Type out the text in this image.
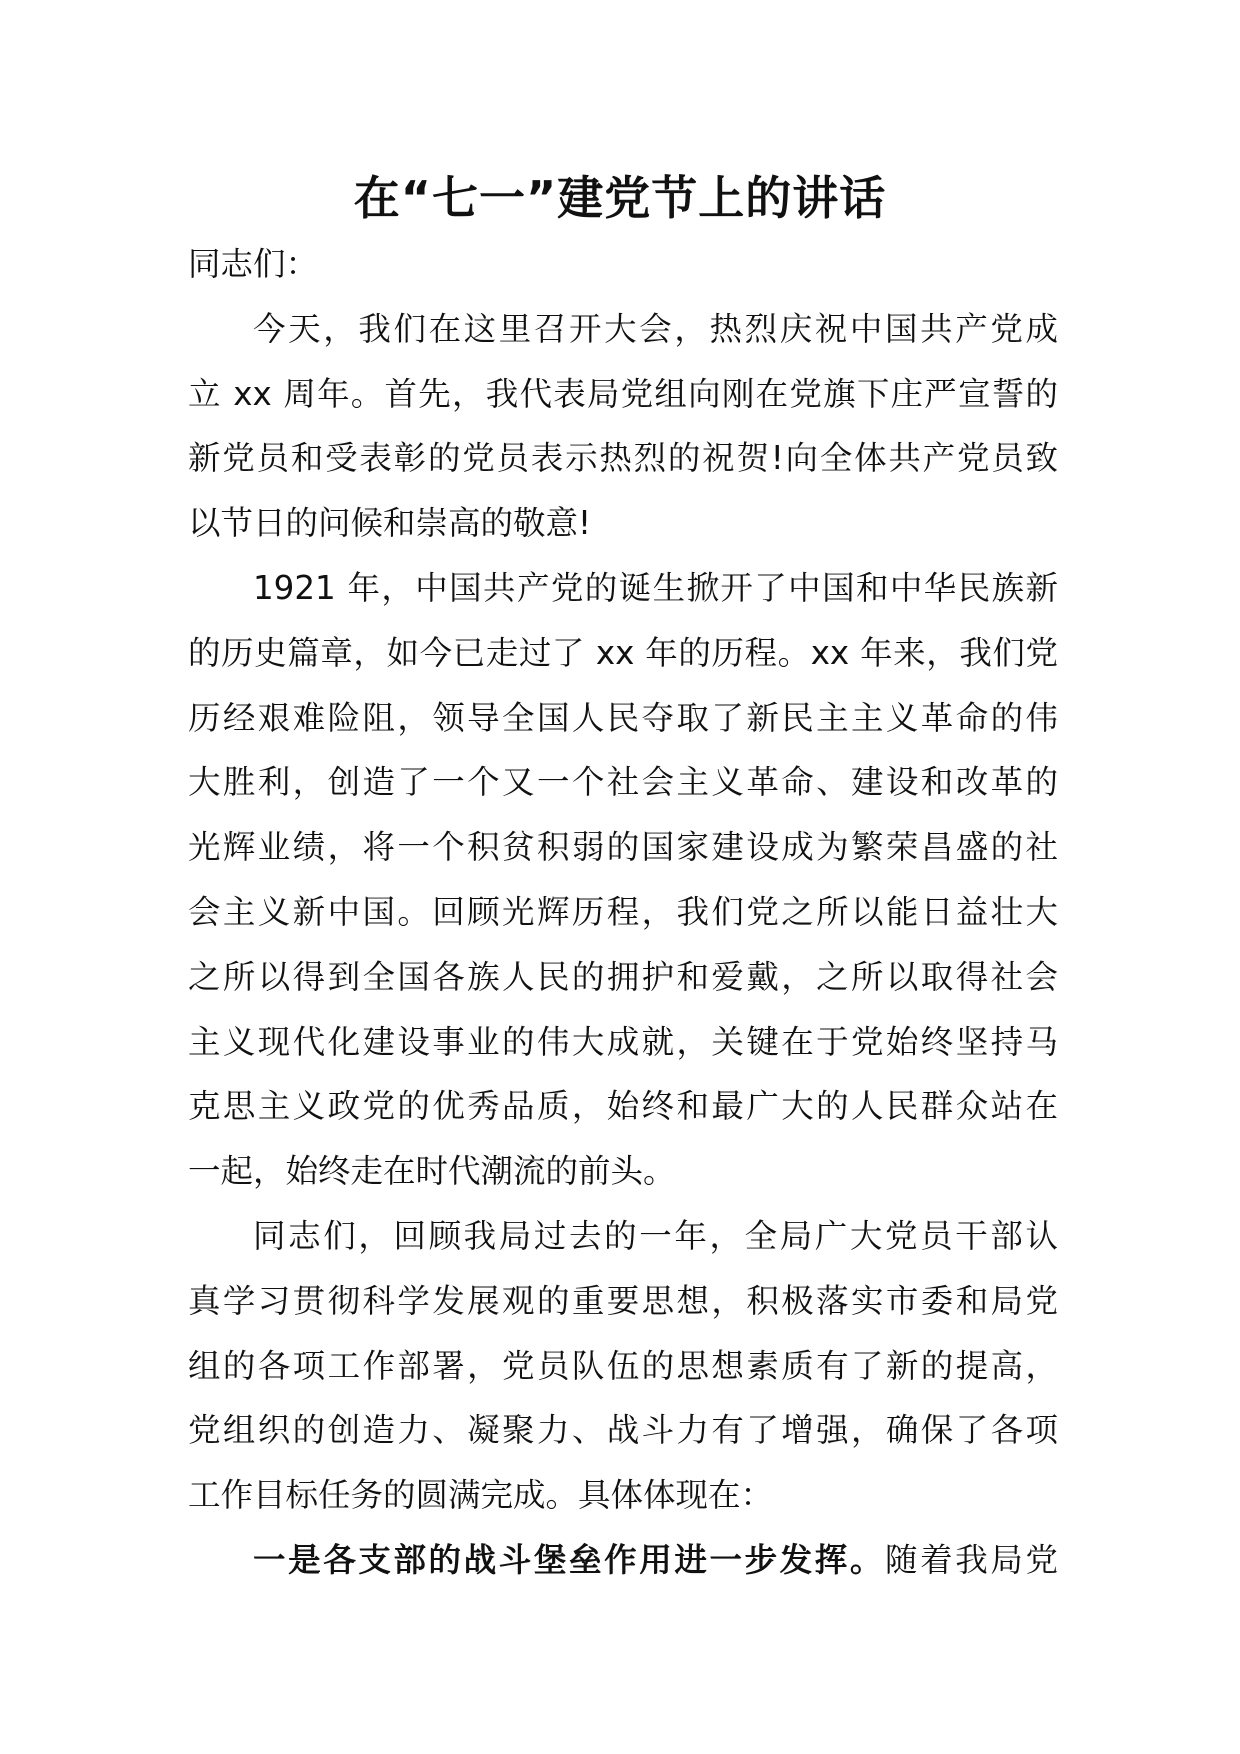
在“七一”建党节上的讲话
同志们：
今天，我们在这里召开大会，热烈庆祝中国共产党成
立 xx 周年。首先，我代表局党组向刚在党旗下庄严宣誓的
新党员和受表彰的党员表示热烈的祝贺!向全体共产党员致
以节日的问候和崇高的敬意!
1921 年，中国共产党的诞生掀开了中国和中华民族新
的历史篇章，如今已走过了 xx 年的历程。xx 年来，我们党
历经艰难险阻，领导全国人民夺取了新民主主义革命的伟
大胜利，创造了一个又一个社会主义革命、建设和改革的
光辉业绩，将一个积贫积弱的国家建设成为繁荣昌盛的社
会主义新中国。回顾光辉历程，我们党之所以能日益壮大
之所以得到全国各族人民的拥护和爱戴，之所以取得社会
主义现代化建设事业的伟大成就，关键在于党始终坚持马
克思主义政党的优秀品质，始终和最广大的人民群众站在
一起，始终走在时代潮流的前头。
同志们，回顾我局过去的一年，全局广大党员干部认
真学习贯彻科学发展观的重要思想，积极落实市委和局党
组的各项工作部署，党员队伍的思想素质有了新的提高，
党组织的创造力、凝聚力、战斗力有了增强，确保了各项
工作目标任务的圆满完成。具体体现在：
一是各支部的战斗堡垒作用进一步发挥。随着我局党
